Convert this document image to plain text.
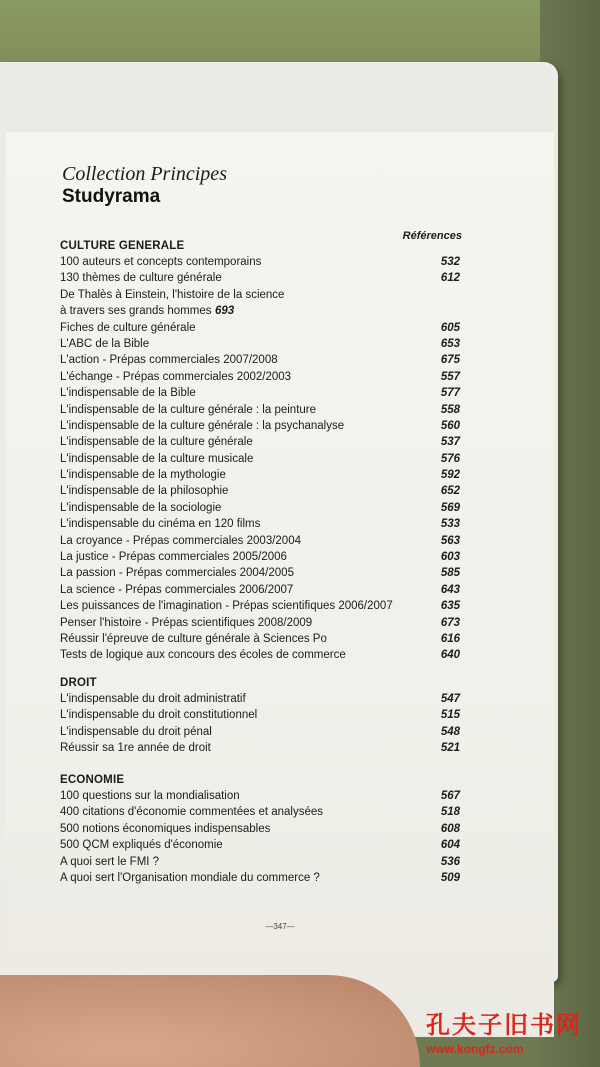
Collection Principes
Studyrama
Références
CULTURE GENERALE
100 auteurs et concepts contemporains	532
130 thèmes de culture générale	612
De Thalès à Einstein, l'histoire de la science
à travers ses grands hommes 693
Fiches de culture générale	605
L'ABC de la Bible	653
L'action - Prépas commerciales 2007/2008	675
L'échange - Prépas commerciales 2002/2003	557
L'indispensable de la Bible	577
L'indispensable de la culture générale : la peinture	558
L'indispensable de la culture générale : la psychanalyse	560
L'indispensable de la culture générale	537
L'indispensable de la culture musicale	576
L'indispensable de la mythologie	592
L'indispensable de la philosophie	652
L'indispensable de la sociologie	569
L'indispensable du cinéma en 120 films	533
La croyance - Prépas commerciales 2003/2004	563
La justice - Prépas commerciales 2005/2006	603
La passion - Prépas commerciales 2004/2005	585
La science - Prépas commerciales 2006/2007	643
Les puissances de l'imagination - Prépas scientifiques 2006/2007	635
Penser l'histoire - Prépas scientifiques 2008/2009	673
Réussir l'épreuve de culture générale à Sciences Po	616
Tests de logique aux concours des écoles de commerce	640
DROIT
L'indispensable du droit administratif	547
L'indispensable du droit constitutionnel	515
L'indispensable du droit pénal	548
Réussir sa 1re année de droit	521
ECONOMIE
100 questions sur la mondialisation	567
400 citations d'économie commentées et analysées	518
500 notions économiques indispensables	608
500 QCM expliqués d'économie	604
A quoi sert le FMI ?	536
A quoi sert l'Organisation mondiale du commerce ?	509
—347—
孔夫子旧书网
www.kongfz.com
